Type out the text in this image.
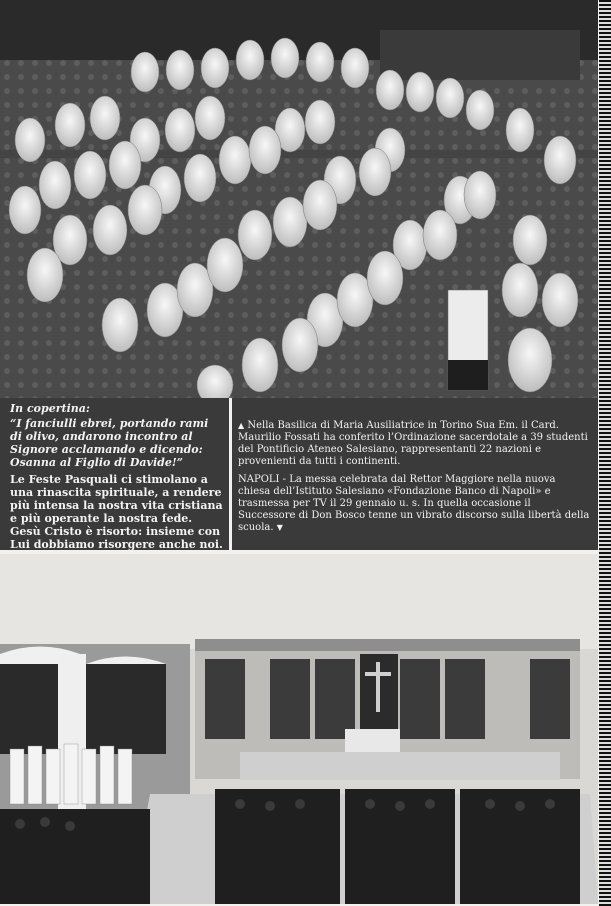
In copertina:
“I fanciulli ebrei, portando rami di olivo, andarono incontro al Signore acclamando e dicendo: Osanna al Figlio di Davide!”
Le Feste Pasquali ci stimolano a una rinascita spirituale, a rendere più intensa la nostra vita cristiana e più operante la nostra fede. Gesù Cristo è risorto: insieme con Lui dobbiamo risorgere anche noi.

▲ Nella Basilica di Maria Ausiliatrice in Torino Sua Em. il Card. Maurilio Fossati ha conferito l’Ordinazione sacerdotale a 39 studenti del Pontificio Ateneo Salesiano, rappresentanti 22 nazioni e provenienti da tutti i continenti.

NAPOLI - La messa celebrata dal Rettor Maggiore nella nuova chiesa dell’Istituto Salesiano «Fondazione Banco di Napoli» e trasmessa per TV il 29 gennaio u. s. In quella occasione il Successore di Don Bosco tenne un vibrato discorso sulla libertà della scuola. ▼
